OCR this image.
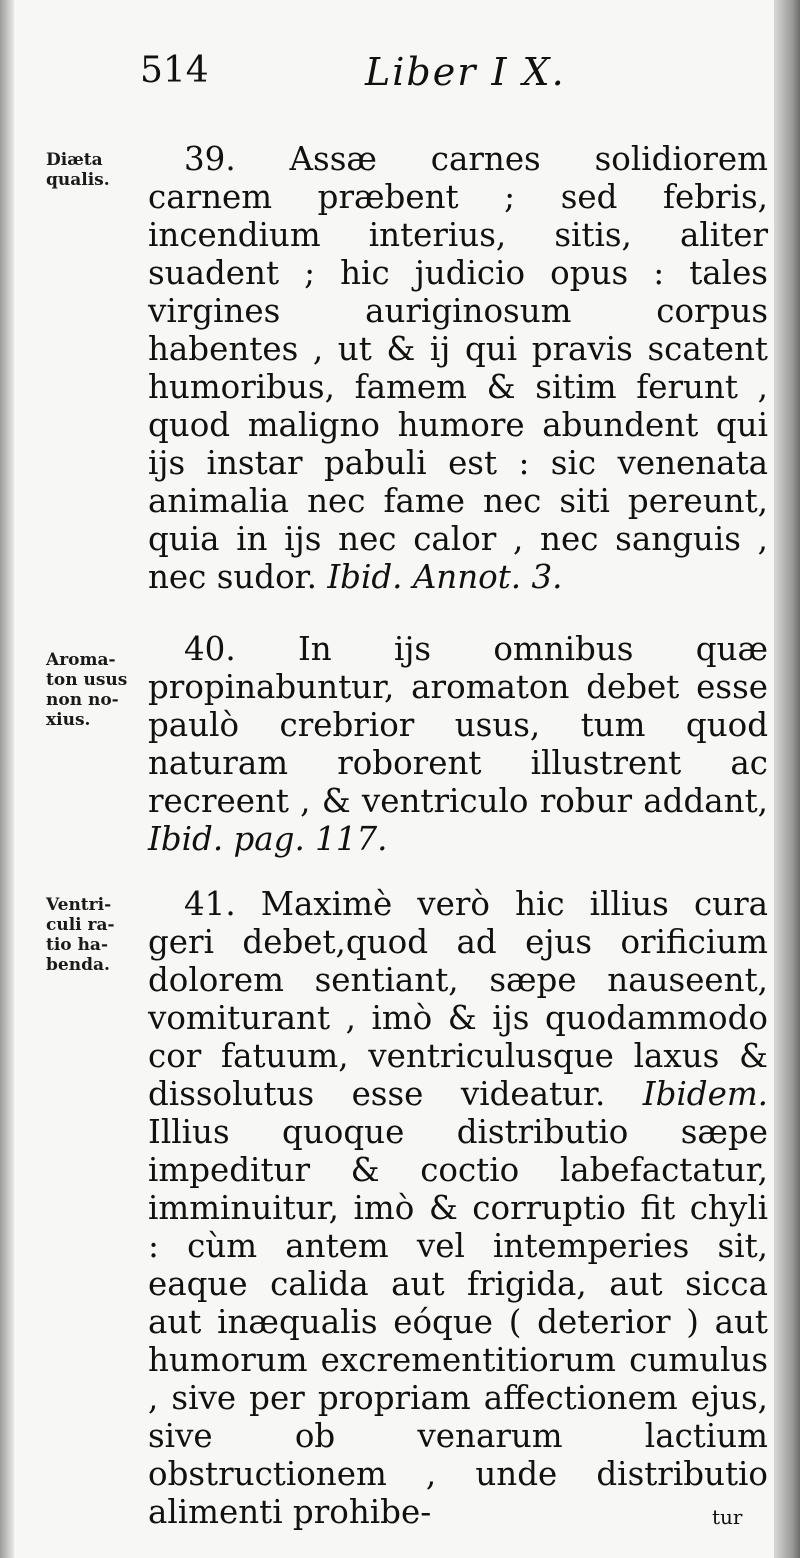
514	Liber I X.
Diæta
qualis.
39. Assæ carnes solidiorem carnem præbent ; sed febris, incendium interius, sitis, aliter suadent ; hic judicio opus : tales virgines auriginosum corpus habentes , ut & ij qui pravis scatent humoribus, famem & sitim ferunt , quod maligno humore abundent qui ijs instar pabuli est : sic venenata animalia nec fame nec siti pereunt, quia in ijs nec calor , nec sanguis , nec sudor. Ibid. Annot. 3.
Aroma-
ton usus
non no-
xius.
40. In ijs omnibus quæ propinabuntur, aromaton debet esse paulò crebrior usus, tum quod naturam roborent illustrent ac recreent , & ventriculo robur addant, Ibid. pag. 117.
Ventri-
culi ra-
tio ha-
benda.
41. Maximè verò hic illius cura geri debet,quod ad ejus orificium dolorem sentiant, sæpe nauseent, vomiturant , imò & ijs quodammodo cor fatuum, ventriculusque laxus & dissolutus esse videatur. Ibidem. Illius quoque distributio sæpe impeditur & coctio labefactatur, imminuitur, imò & corruptio fit chyli : cùm antem vel intemperies sit, eaque calida aut frigida, aut sicca aut inæqualis eóque ( deterior ) aut humorum excrementitiorum cumulus , sive per propriam affectionem ejus, sive ob venarum lactium obstructionem , unde distributio alimenti prohibe-	tur
